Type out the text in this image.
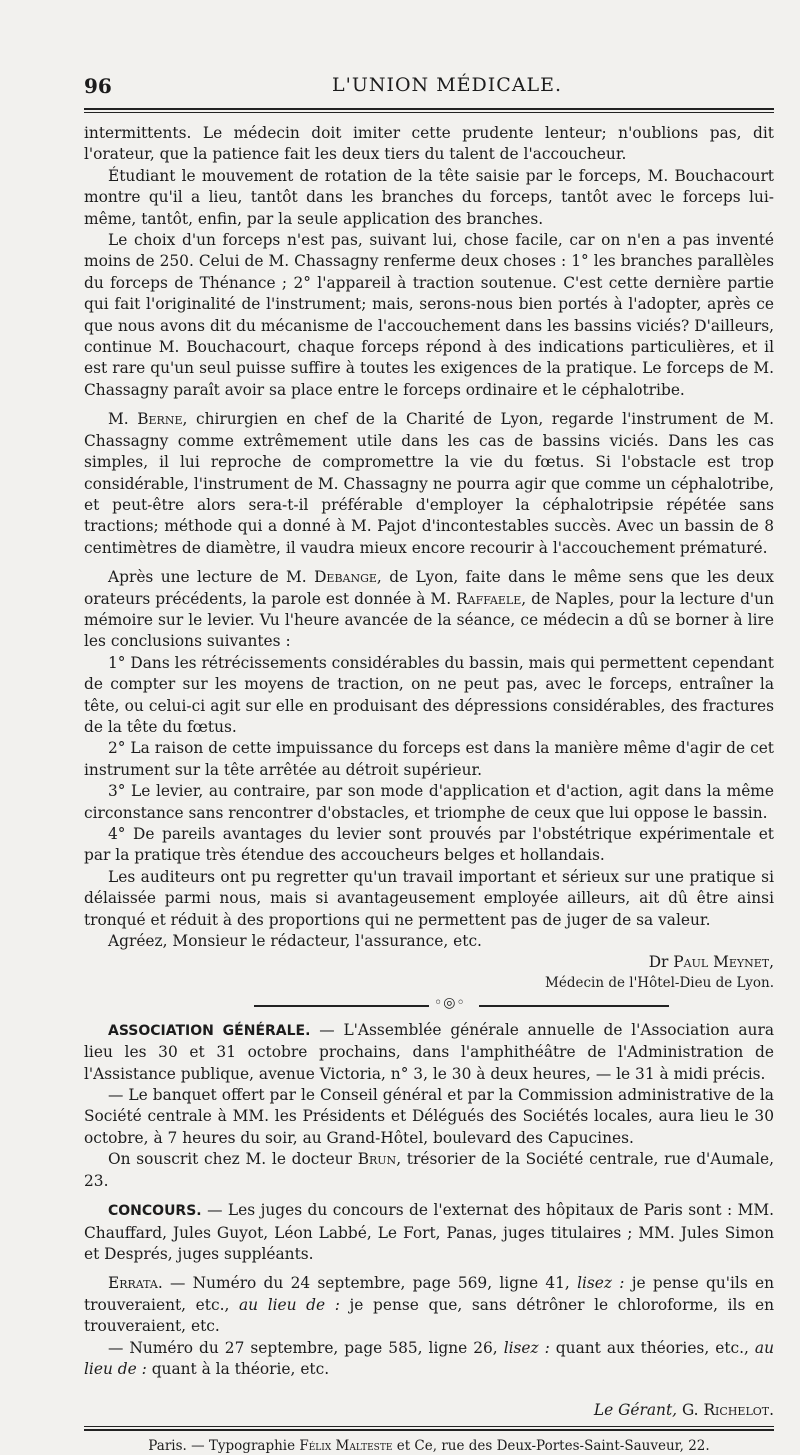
96	L'UNION MÉDICALE.

intermittents. Le médecin doit imiter cette prudente lenteur; n'oublions pas, dit l'orateur, que la patience fait les deux tiers du talent de l'accoucheur.

Étudiant le mouvement de rotation de la tête saisie par le forceps, M. Bouchacourt montre qu'il a lieu, tantôt dans les branches du forceps, tantôt avec le forceps lui-même, tantôt, enfin, par la seule application des branches.

Le choix d'un forceps n'est pas, suivant lui, chose facile, car on n'en a pas inventé moins de 250. Celui de M. Chassagny renferme deux choses : 1° les branches parallèles du forceps de Thénance ; 2° l'appareil à traction soutenue. C'est cette dernière partie qui fait l'originalité de l'instrument; mais, serons-nous bien portés à l'adopter, après ce que nous avons dit du mécanisme de l'accouchement dans les bassins viciés? D'ailleurs, continue M. Bouchacourt, chaque forceps répond à des indications particulières, et il est rare qu'un seul puisse suffire à toutes les exigences de la pratique. Le forceps de M. Chassagny paraît avoir sa place entre le forceps ordinaire et le céphalotribe.

M. Berne, chirurgien en chef de la Charité de Lyon, regarde l'instrument de M. Chassagny comme extrêmement utile dans les cas de bassins viciés. Dans les cas simples, il lui reproche de compromettre la vie du fœtus. Si l'obstacle est trop considérable, l'instrument de M. Chassagny ne pourra agir que comme un céphalotribe, et peut-être alors sera-t-il préférable d'employer la céphalotripsie répétée sans tractions; méthode qui a donné à M. Pajot d'incontestables succès. Avec un bassin de 8 centimètres de diamètre, il vaudra mieux encore recourir à l'accouchement prématuré.

Après une lecture de M. Debange, de Lyon, faite dans le même sens que les deux orateurs précédents, la parole est donnée à M. Raffaele, de Naples, pour la lecture d'un mémoire sur le levier. Vu l'heure avancée de la séance, ce médecin a dû se borner à lire les conclusions suivantes :

1° Dans les rétrécissements considérables du bassin, mais qui permettent cependant de compter sur les moyens de traction, on ne peut pas, avec le forceps, entraîner la tête, ou celui-ci agit sur elle en produisant des dépressions considérables, des fractures de la tête du fœtus.

2° La raison de cette impuissance du forceps est dans la manière même d'agir de cet instrument sur la tête arrêtée au détroit supérieur.

3° Le levier, au contraire, par son mode d'application et d'action, agit dans la même circonstance sans rencontrer d'obstacles, et triomphe de ceux que lui oppose le bassin.

4° De pareils avantages du levier sont prouvés par l'obstétrique expérimentale et par la pratique très étendue des accoucheurs belges et hollandais.

Les auditeurs ont pu regretter qu'un travail important et sérieux sur une pratique si délaissée parmi nous, mais si avantageusement employée ailleurs, ait dû être ainsi tronqué et réduit à des proportions qui ne permettent pas de juger de sa valeur.

Agréez, Monsieur le rédacteur, l'assurance, etc.

Dr Paul Meynet,
Médecin de l'Hôtel-Dieu de Lyon.
◦◎◦

ASSOCIATION GÉNÉRALE. — L'Assemblée générale annuelle de l'Association aura lieu les 30 et 31 octobre prochains, dans l'amphithéâtre de l'Administration de l'Assistance publique, avenue Victoria, n° 3, le 30 à deux heures, — le 31 à midi précis.

— Le banquet offert par le Conseil général et par la Commission administrative de la Société centrale à MM. les Présidents et Délégués des Sociétés locales, aura lieu le 30 octobre, à 7 heures du soir, au Grand-Hôtel, boulevard des Capucines.

On souscrit chez M. le docteur Brun, trésorier de la Société centrale, rue d'Aumale, 23.

CONCOURS. — Les juges du concours de l'externat des hôpitaux de Paris sont : MM. Chauffard, Jules Guyot, Léon Labbé, Le Fort, Panas, juges titulaires ; MM. Jules Simon et Després, juges suppléants.

Errata. — Numéro du 24 septembre, page 569, ligne 41, lisez : je pense qu'ils en trouveraient, etc., au lieu de : je pense que, sans détrôner le chloroforme, ils en trouveraient, etc.

— Numéro du 27 septembre, page 585, ligne 26, lisez : quant aux théories, etc., au lieu de : quant à la théorie, etc.

Le Gérant, G. Richelot.
Paris. — Typographie Félix Malteste et Ce, rue des Deux-Portes-Saint-Sauveur, 22.
